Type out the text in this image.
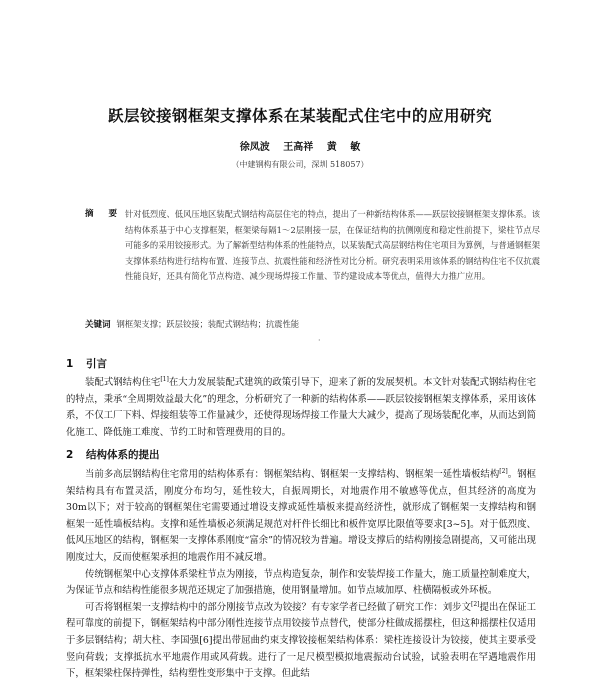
跃层铰接钢框架支撑体系在某装配式住宅中的应用研究
徐凤波 王高祥 黄 敏
（中建钢构有限公司，深圳 518057）
摘 要 针对低烈度、低风压地区装配式钢结构高层住宅的特点，提出了一种新结构体系——跃层铰接钢框架支撑体系。该结构体系基于中心支撑框架，框架梁每隔1～2层刚接一层，在保证结构的抗侧刚度和稳定性前提下，梁柱节点尽可能多的采用铰接形式。为了解新型结构体系的性能特点，以某装配式高层钢结构住宅项目为算例，与普通钢框架支撑体系结构进行结构布置、连接节点、抗震性能和经济性对比分析。研究表明采用该体系的钢结构住宅不仅抗震性能良好，还具有简化节点构造、减少现场焊接工作量、节约建设成本等优点，值得大力推广应用。
关键词 钢框架支撑；跃层铰接；装配式钢结构；抗震性能
·
1 引言

装配式钢结构住宅[1]在大力发展装配式建筑的政策引导下，迎来了新的发展契机。本文针对装配式钢结构住宅的特点，秉承“全周期效益最大化”的理念，分析研究了一种新的结构体系——跃层铰接钢框架支撑体系，采用该体系，不仅工厂下料、焊接组装等工作量减少，还使得现场焊接工作量大大减少，提高了现场装配化率，从而达到简化施工、降低施工难度、节约工时和管理费用的目的。

2 结构体系的提出

当前多高层钢结构住宅常用的结构体系有：钢框架结构、钢框架一支撑结构、钢框架一延性墙板结构[2]。钢框架结构具有布置灵活，刚度分布均匀，延性较大，自振周期长，对地震作用不敏感等优点，但其经济的高度为30m以下；对于较高的钢框架住宅需要通过增设支撑或延性墙板来提高经济性，就形成了钢框架一支撑结构和钢框架一延性墙板结构。支撑和延性墙板必须满足规范对杆件长细比和板件宽厚比限值等要求[3~5]。对于低烈度、低风压地区的结构，钢框架一支撑体系刚度“富余”的情况较为普遍。增设支撑后的结构刚接急剧提高，又可能出现刚度过大，反而使框架承担的地震作用不减反增。

传统钢框架中心支撑体系梁柱节点为刚接，节点构造复杂，制作和安装焊接工作量大，施工质量控制难度大，为保证节点和结构性能很多规范还规定了加强措施，使用钢量增加。如节点域加厚、柱横隔板或外环板。

可否将钢框架一支撑结构中的部分刚接节点改为铰接？有专家学者已经做了研究工作：刘步文[2]提出在保证工程可靠度的前提下，钢框架结构中部分刚性连接节点用铰接节点替代，使部分柱做成摇摆柱，但这种摇摆柱仅适用于多层钢结构；胡大柱、李国强[6]提出带屈曲约束支撑铰接框架结构体系：梁柱连接设计为铰接，使其主要承受竖向荷载；支撑抵抗水平地震作用或风荷载。进行了一足尺模型模拟地震振动台试验，试验表明在罕遇地震作用下，框架梁柱保持弹性，结构塑性变形集中于支撑。但此结
